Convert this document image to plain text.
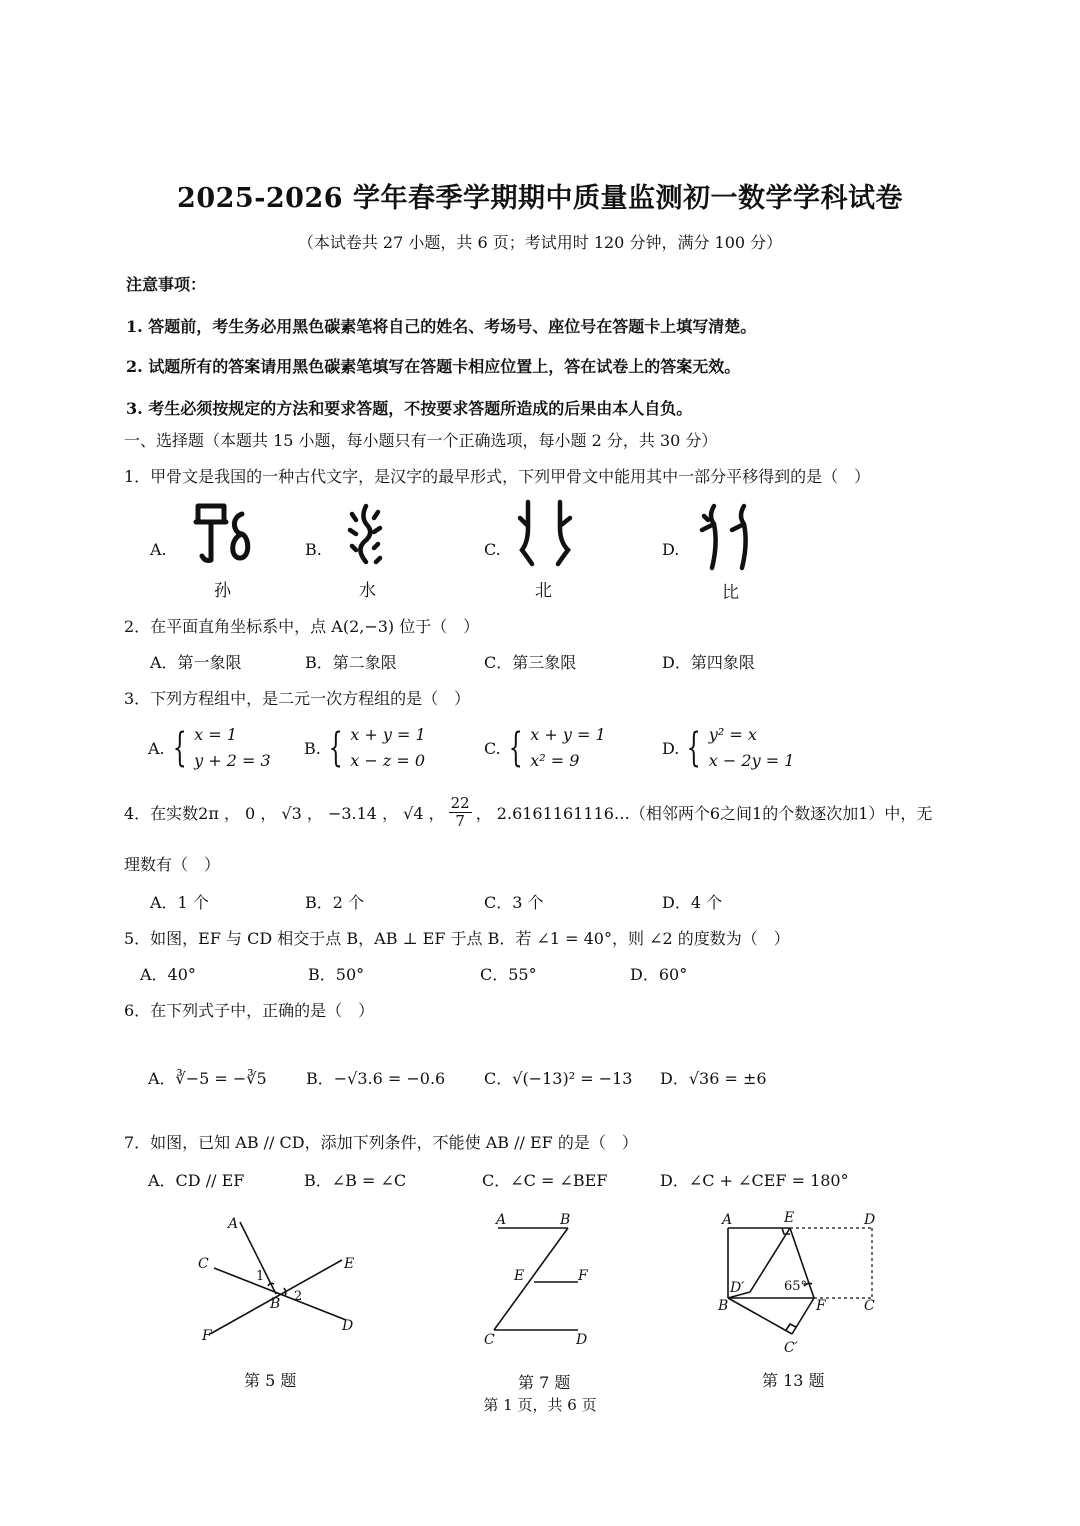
2025-2026 学年春季学期期中质量监测初一数学学科试卷
（本试卷共 27 小题，共 6 页；考试用时 120 分钟，满分 100 分）
注意事项：
1. 答题前，考生务必用黑色碳素笔将自己的姓名、考场号、座位号在答题卡上填写清楚。
2. 试题所有的答案请用黑色碳素笔填写在答题卡相应位置上，答在试卷上的答案无效。
3. 考生必须按规定的方法和要求答题，不按要求答题所造成的后果由本人自负。
一、选择题（本题共 15 小题，每小题只有一个正确选项，每小题 2 分，共 30 分）
1．甲骨文是我国的一种古代文字，是汉字的最早形式，下列甲骨文中能用其中一部分平移得到的是（　）
A.	B.	C.	D.
孙	水	北	比
2．在平面直角坐标系中，点 A(2,−3) 位于（　）
A．第一象限	B．第二象限	C．第三象限	D．第四象限
3．下列方程组中，是二元一次方程组的是（　）
A. { x = 1
y + 2 = 3
B. { x + y = 1
x − z = 0
C. { x + y = 1
x² = 9
D. { y² = x
x − 2y = 1
4．在实数2π ， 0 ， √3 ， −3.14 ， √4 ， $\frac{22}{7}$ ， 2.6161161116…（相邻两个6之间1的个数逐次加1）中，无
理数有（　）
A．1 个	B．2 个	C．3 个	D．4 个
5．如图，EF 与 CD 相交于点 B，AB ⊥ EF 于点 B．若 ∠1 = 40°，则 ∠2 的度数为（　）
A．40°	B．50°	C．55°	D．60°
6．在下列式子中，正确的是（　）
A．∛−5 = −∛5 B．−√3.6 = −0.6 C．√(−13)² = −13 D．√36 = ±6
7．如图，已知 AB // CD，添加下列条件，不能使 AB // EF 的是（　）
A．CD // EF	B．∠B = ∠C	C．∠C = ∠BEF	D．∠C + ∠CEF = 180°
A
C	E
B
F
D
1
2
第 5 题
A	B
E	F
C	D
第 7 题
A	E	D
D′
B	F	C
C′
65°
第 13 题
第 1 页，共 6 页
